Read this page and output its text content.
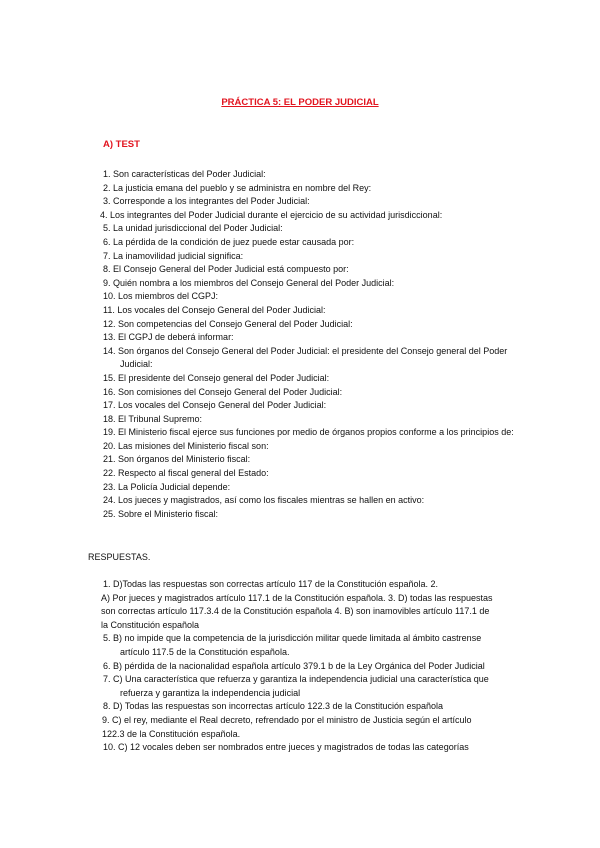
PRÁCTICA 5: EL PODER JUDICIAL
A) TEST
1. Son características del Poder Judicial:
2. La justicia emana del pueblo y se administra en nombre del Rey:
3. Corresponde a los integrantes del Poder Judicial:
4. Los integrantes del Poder Judicial durante el ejercicio de su actividad jurisdiccional:
5. La unidad jurisdiccional del Poder Judicial:
6. La pérdida de la condición de juez puede estar causada por:
7. La inamovilidad judicial significa:
8. El Consejo General del Poder Judicial está compuesto por:
9. Quién nombra a los miembros del Consejo General del Poder Judicial:
10. Los miembros del CGPJ:
11. Los vocales del Consejo General del Poder Judicial:
12. Son competencias del Consejo General del Poder Judicial:
13. El CGPJ de deberá informar:
14. Son órganos del Consejo General del Poder Judicial: el presidente del Consejo general del Poder Judicial:
15. El presidente del Consejo general del Poder Judicial:
16. Son comisiones del Consejo General del Poder Judicial:
17. Los vocales del Consejo General del Poder Judicial:
18. El Tribunal Supremo:
19. El Ministerio fiscal ejerce sus funciones por medio de órganos propios conforme a los principios de:
20. Las misiones del Ministerio fiscal son:
21. Son órganos del Ministerio fiscal:
22. Respecto al fiscal general del Estado:
23. La Policía Judicial depende:
24. Los jueces y magistrados, así como los fiscales mientras se hallen en activo:
25. Sobre el Ministerio fiscal:
RESPUESTAS.
1. D)Todas las respuestas son correctas artículo 117 de la Constitución española. 2.
A) Por jueces y magistrados artículo 117.1 de la Constitución española. 3. D) todas las respuestas son correctas artículo 117.3.4 de la Constitución española 4. B) son inamovibles artículo 117.1 de la Constitución española
5. B) no impide que la competencia de la jurisdicción militar quede limitada al ámbito castrense artículo 117.5 de la Constitución española.
6. B) pérdida de la nacionalidad española artículo 379.1 b de la Ley Orgánica del Poder Judicial
7. C) Una característica que refuerza y garantiza la independencia judicial una característica que refuerza y garantiza la independencia judicial
8. D) Todas las respuestas son incorrectas artículo 122.3 de la Constitución española
9. C) el rey, mediante el Real decreto, refrendado por el ministro de Justicia según el artículo 122.3 de la Constitución española.
10. C) 12 vocales deben ser nombrados entre jueces y magistrados de todas las categorías
